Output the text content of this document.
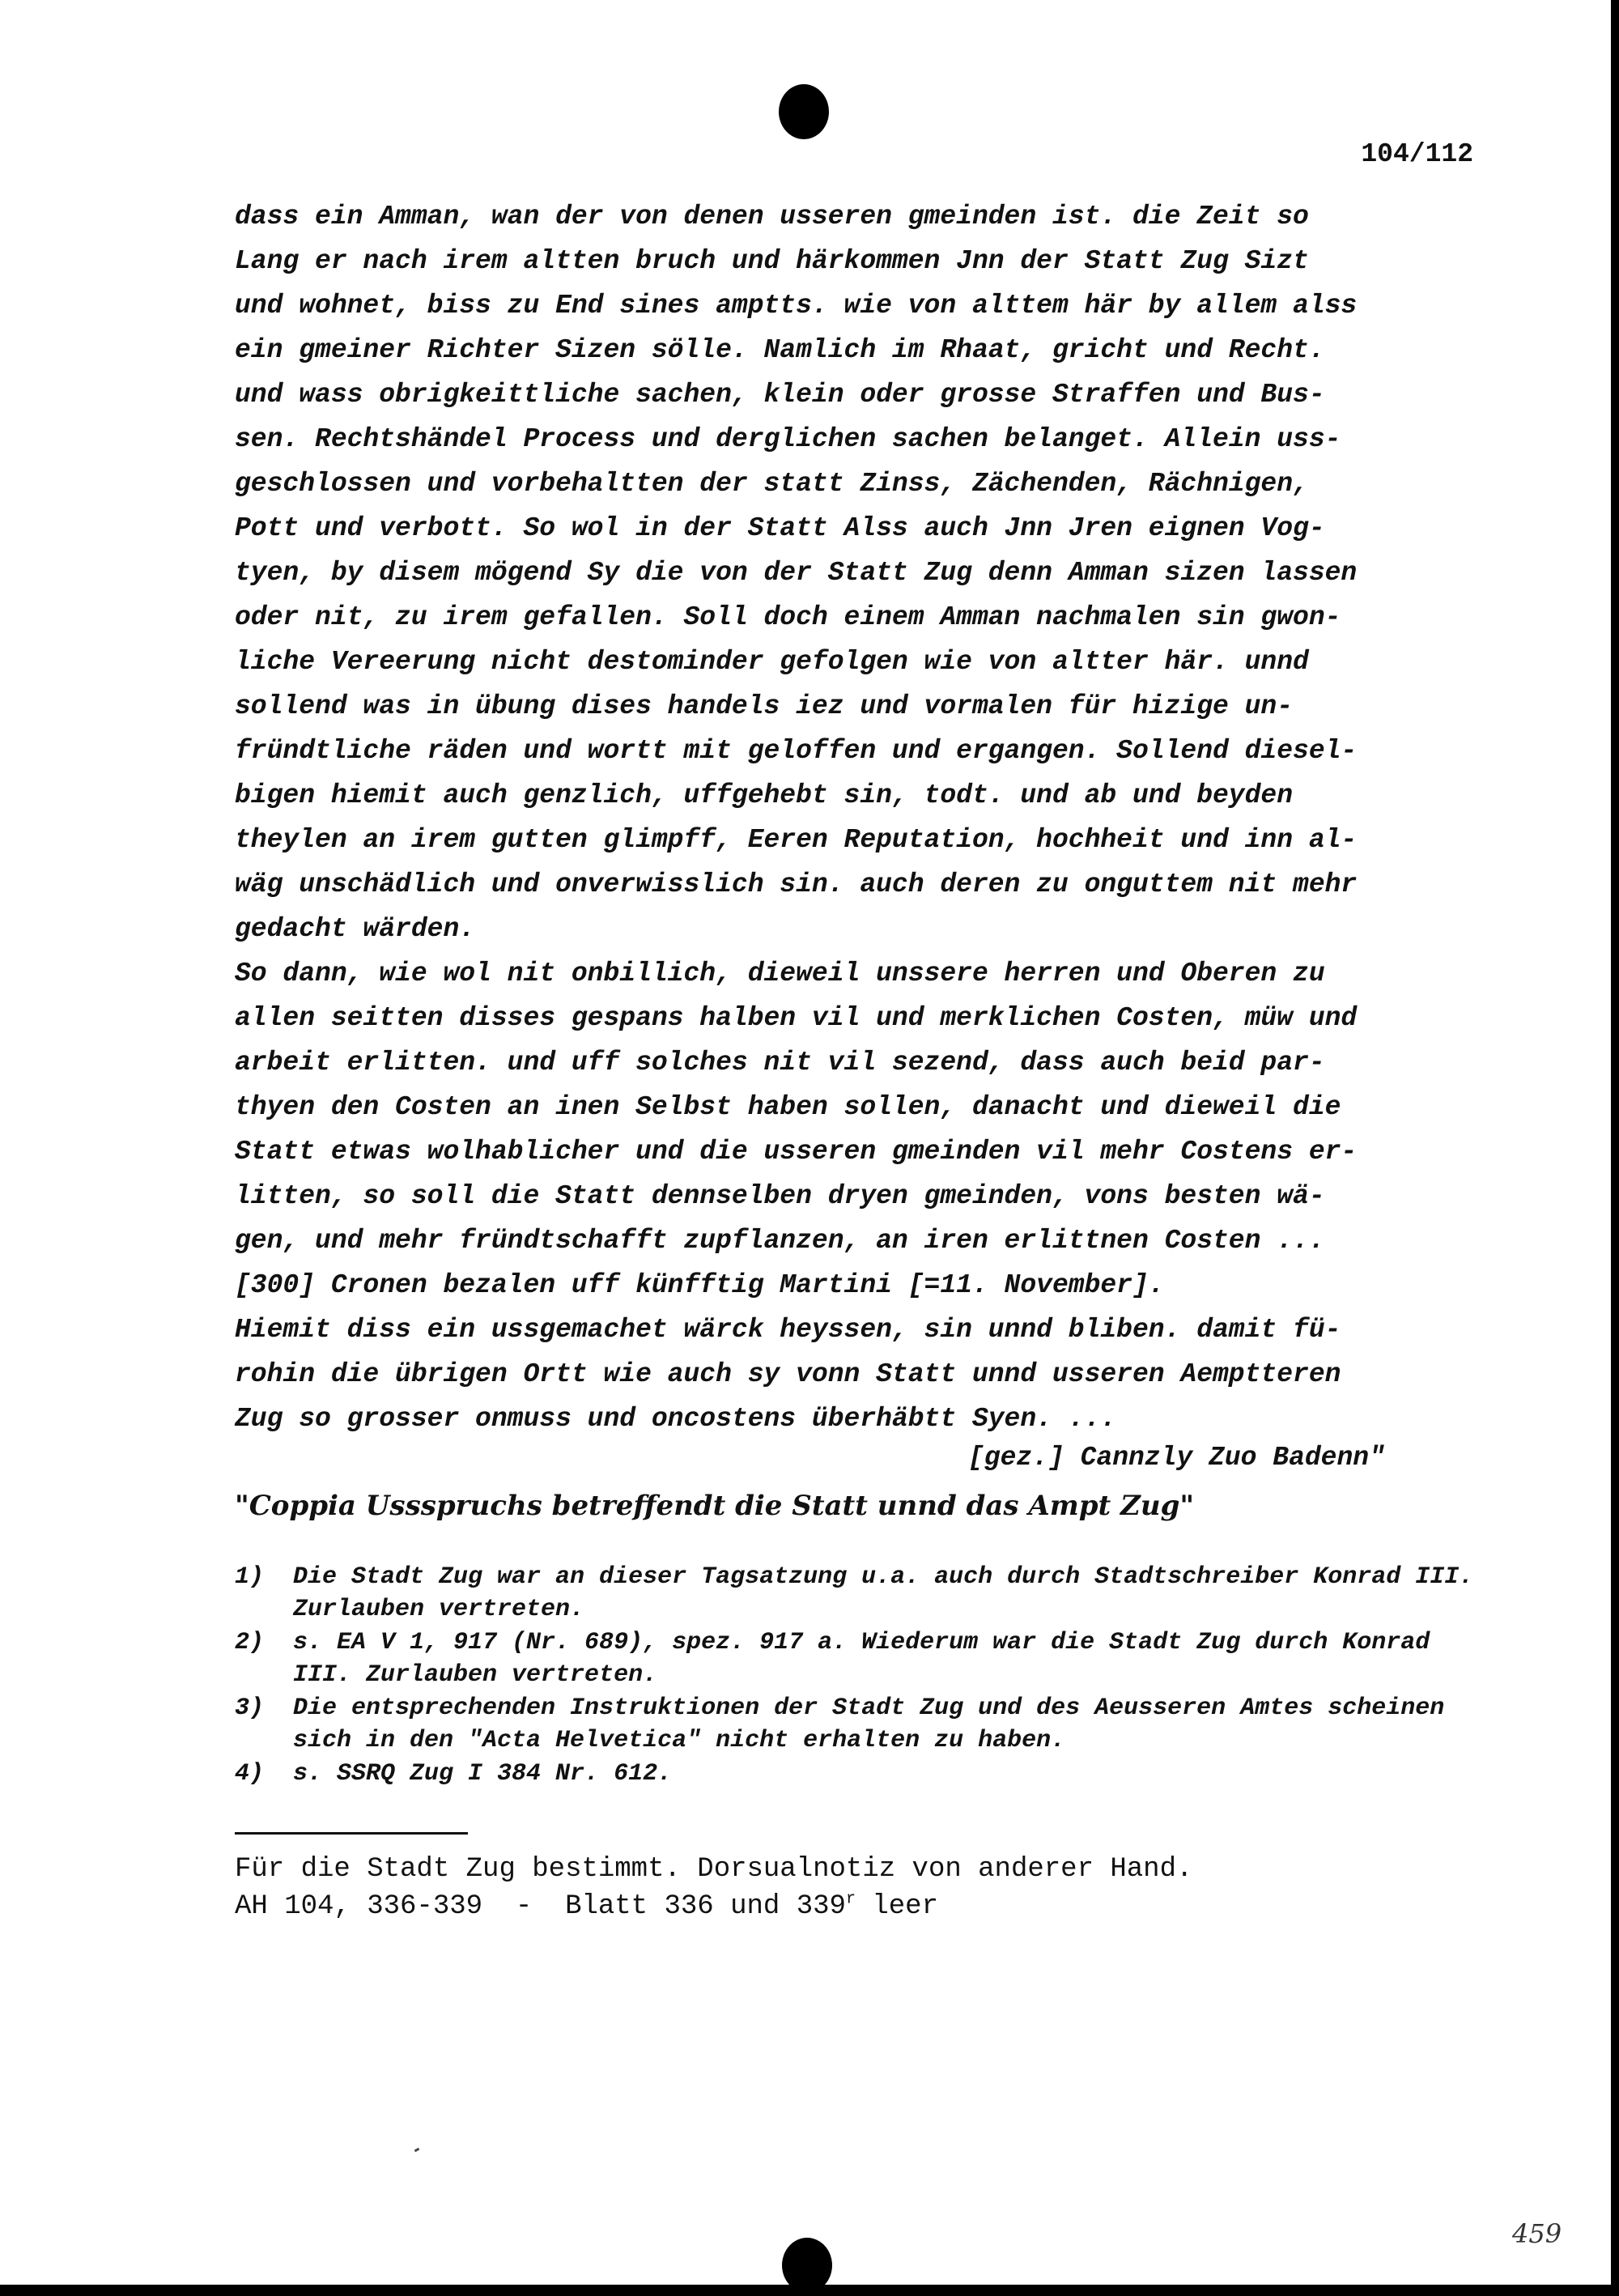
104/112
dass ein Amman, wan der von denen usseren gmeinden ist. die Zeit so
Lang er nach irem altten bruch und härkommen Jnn der Statt Zug Sizt
und wohnet, biss zu End sines amptts. wie von alttem här by allem alss
ein gmeiner Richter Sizen sölle. Namlich im Rhaat, gricht und Recht.
und wass obrigkeittliche sachen, klein oder grosse Straffen und Bus-
sen. Rechtshändel Process und derglichen sachen belanget. Allein uss-
geschlossen und vorbehaltten der statt Zinss, Zächenden, Rächnigen,
Pott und verbott. So wol in der Statt Alss auch Jnn Jren eignen Vog-
tyen, by disem mögend Sy die von der Statt Zug denn Amman sizen lassen
oder nit, zu irem gefallen. Soll doch einem Amman nachmalen sin gwon-
liche Vereerung nicht destominder gefolgen wie von altter här. unnd
sollend was in übung dises handels iez und vormalen für hizige un-
fründtliche räden und wortt mit geloffen und ergangen. Sollend diesel-
bigen hiemit auch genzlich, uffgehebt sin, todt. und ab und beyden
theylen an irem gutten glimpff, Eeren Reputation, hochheit und inn al-
wäg unschädlich und onverwisslich sin. auch deren zu onguttem nit mehr
gedacht wärden.
So dann, wie wol nit onbillich, dieweil unssere herren und Oberen zu
allen seitten disses gespans halben vil und merklichen Costen, müw und
arbeit erlitten. und uff solches nit vil sezend, dass auch beid par-
thyen den Costen an inen Selbst haben sollen, danacht und dieweil die
Statt etwas wolhablicher und die usseren gmeinden vil mehr Costens er-
litten, so soll die Statt dennselben dryen gmeinden, vons besten wä-
gen, und mehr fründtschafft zupflanzen, an iren erlittnen Costen ...
[300] Cronen bezalen uff künfftig Martini [=11. November].
Hiemit diss ein ussgemachet wärck heyssen, sin unnd bliben. damit fü-
rohin die übrigen Ortt wie auch sy vonn Statt unnd usseren Aemptteren
Zug so grosser onmuss und oncostens überhäbtt Syen. ...
[gez.] Cannzly Zuo Badenn"
"Coppia Ussspruchs betreffendt die Statt unnd das Ampt Zug"
1)	Die Stadt Zug war an dieser Tagsatzung u.a. auch durch Stadtschreiber Konrad III. Zurlauben vertreten.
2)	s. EA V 1, 917 (Nr. 689), spez. 917 a. Wiederum war die Stadt Zug durch Konrad III. Zurlauben vertreten.
3)	Die entsprechenden Instruktionen der Stadt Zug und des Aeusseren Amtes scheinen sich in den "Acta Helvetica" nicht erhalten zu haben.
4)	s. SSRQ Zug I 384 Nr. 612.
Für die Stadt Zug bestimmt. Dorsualnotiz von anderer Hand.
AH 104, 336-339  -  Blatt 336 und 339$^r$ leer
459
